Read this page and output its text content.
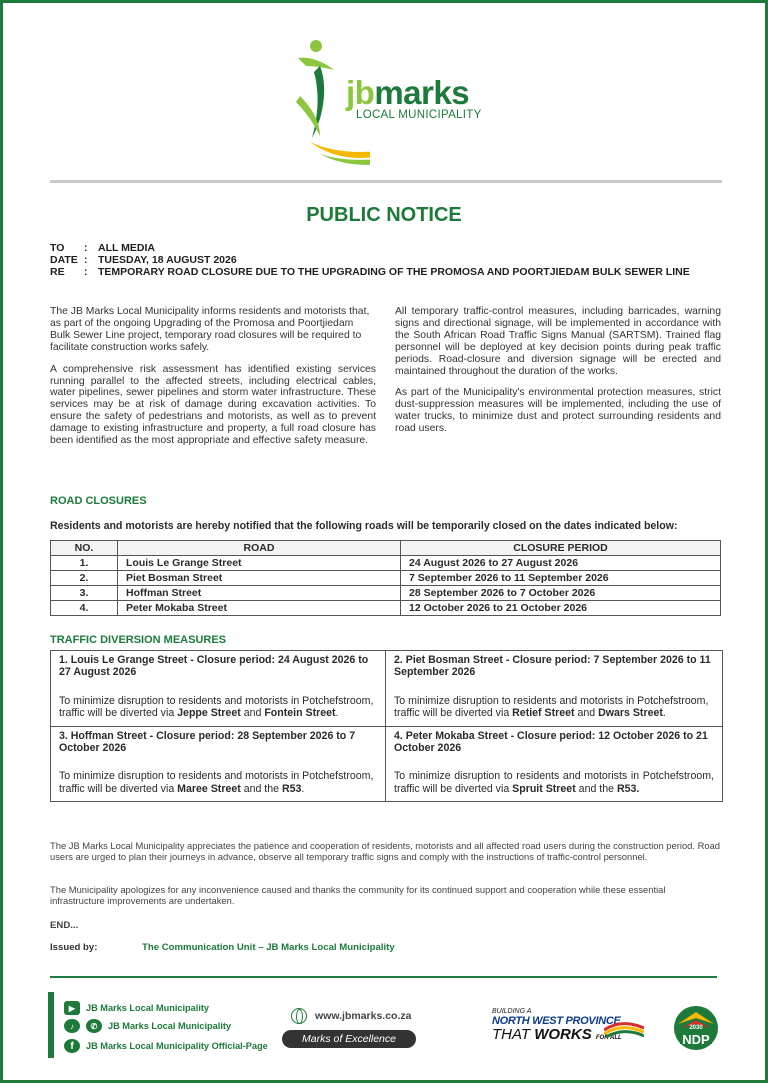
jbmarks
LOCAL MUNICIPALITY
PUBLIC NOTICE
TO	:	ALL MEDIA
DATE :	TUESDAY, 18 AUGUST 2026
RE	:	TEMPORARY ROAD CLOSURE DUE TO THE UPGRADING OF THE PROMOSA AND POORTJIEDAM BULK SEWER LINE

The JB Marks Local Municipality informs residents and motorists that, as part of the ongoing Upgrading of the Promosa and Poortjiedam Bulk Sewer Line project, temporary road closures will be required to facilitate construction works safely.

A comprehensive risk assessment has identified existing services running parallel to the affected streets, including electrical cables, water pipelines, sewer pipelines and storm water infrastructure. These services may be at risk of damage during excavation activities. To ensure the safety of pedestrians and motorists, as well as to prevent damage to existing infrastructure and property, a full road closure has been identified as the most appropriate and effective safety measure.

All temporary traffic-control measures, including barricades, warning signs and directional signage, will be implemented in accordance with the South African Road Traffic Signs Manual (SARTSM). Trained flag personnel will be deployed at key decision points during peak traffic periods. Road-closure and diversion signage will be erected and maintained throughout the duration of the works.

As part of the Municipality's environmental protection measures, strict dust-suppression measures will be implemented, including the use of water trucks, to minimize dust and protect surrounding residents and road users.

ROAD CLOSURES
Residents and motorists are hereby notified that the following roads will be temporarily closed on the dates indicated below:
NO.	ROAD	CLOSURE PERIOD
1.	Louis Le Grange Street	24 August 2026 to 27 August 2026
2.	Piet Bosman Street	7 September 2026 to 11 September 2026
3.	Hoffman Street	28 September 2026 to 7 October 2026
4.	Peter Mokaba Street	12 October 2026 to 21 October 2026
TRAFFIC DIVERSION MEASURES
1. Louis Le Grange Street - Closure period: 24 August 2026 to 27 August 2026
To minimize disruption to residents and motorists in Potchefstroom, traffic will be diverted via Jeppe Street and Fontein Street.
2. Piet Bosman Street - Closure period: 7 September 2026 to 11 September 2026
To minimize disruption to residents and motorists in Potchefstroom, traffic will be diverted via Retief Street and Dwars Street.
3. Hoffman Street - Closure period: 28 September 2026 to 7 October 2026
To minimize disruption to residents and motorists in Potchefstroom, traffic will be diverted via Maree Street and the R53.
4. Peter Mokaba Street - Closure period: 12 October 2026 to 21 October 2026
To minimize disruption to residents and motorists in Potchefstroom, traffic will be diverted via Spruit Street and the R53.
The JB Marks Local Municipality appreciates the patience and cooperation of residents, motorists and all affected road users during the construction period. Road users are urged to plan their journeys in advance, observe all temporary traffic signs and comply with the instructions of traffic-control personnel.
The Municipality apologizes for any inconvenience caused and thanks the community for its continued support and cooperation while these essential infrastructure improvements are undertaken.
END...
Issued by:	The Communication Unit – JB Marks Local Municipality
▶	JB Marks Local Municipality
♪	✆	JB Marks Local Municipality
f	JB Marks Local Municipality Official-Page
www.jbmarks.co.za
Marks of Excellence
BUILDING A
NORTH WEST PROVINCE
THAT WORKS FOR ALL
2030
NDP
